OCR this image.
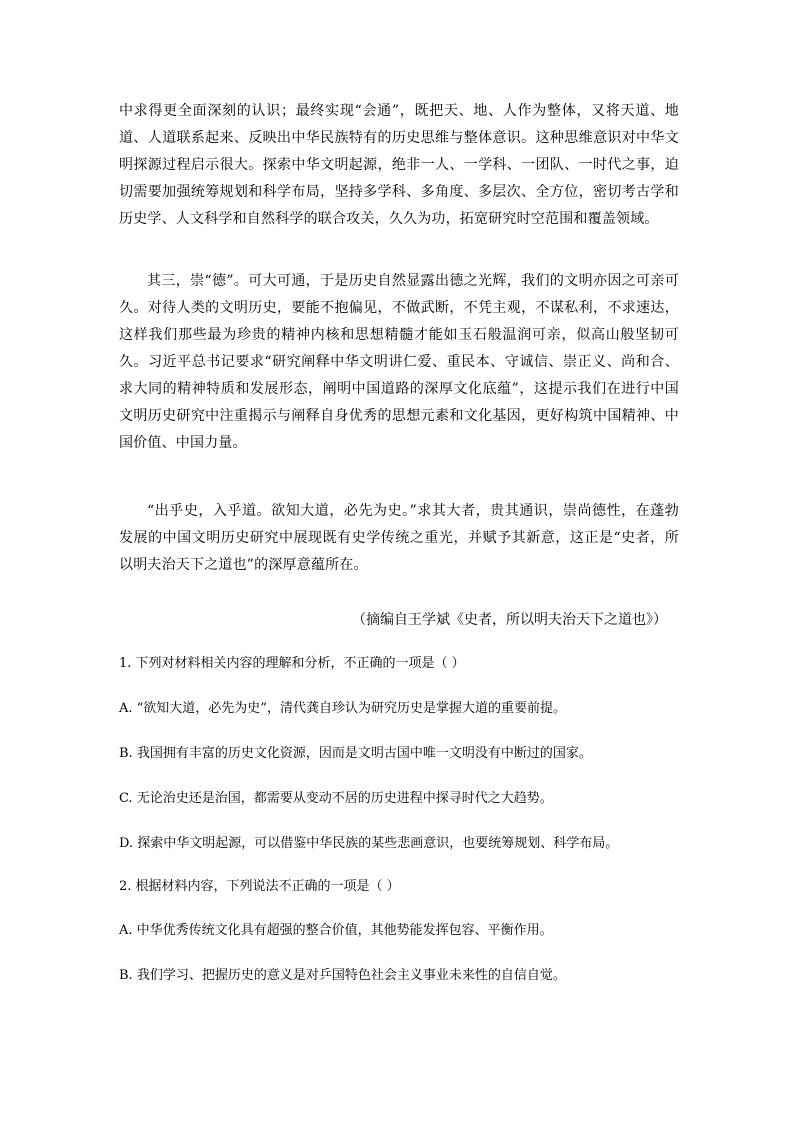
中求得更全面深刻的认识；最终实现“会通”，既把天、地、人作为整体，又将天道、地道、人道联系起来、反映出中华民族特有的历史思维与整体意识。这种思维意识对中华文明探源过程启示很大。探索中华文明起源，绝非一人、一学科、一团队、一时代之事，迫切需要加强统筹规划和科学布局，坚持多学科、多角度、多层次、全方位，密切考古学和历史学、人文科学和自然科学的联合攻关，久久为功，拓宽研究时空范围和覆盖领域。

其三，崇“德”。可大可通，于是历史自然显露出德之光辉，我们的文明亦因之可亲可久。对待人类的文明历史，要能不抱偏见，不做武断，不凭主观，不谋私利，不求速达，这样我们那些最为珍贵的精神内核和思想精髓才能如玉石般温润可亲，似高山般坚韧可久。习近平总书记要求“研究阐释中华文明讲仁爱、重民本、守诚信、崇正义、尚和合、求大同的精神特质和发展形态，阐明中国道路的深厚文化底蕴”，这提示我们在进行中国文明历史研究中注重揭示与阐释自身优秀的思想元素和文化基因，更好构筑中国精神、中国价值、中国力量。

“出乎史，入乎道。欲知大道，必先为史。”求其大者，贵其通识，崇尚德性，在蓬勃发展的中国文明历史研究中展现既有史学传统之重光，并赋予其新意，这正是“史者，所以明夫治天下之道也”的深厚意蕴所在。

（摘编自王学斌《史者，所以明夫治天下之道也》）

1. 下列对材料相关内容的理解和分析，不正确的一项是（ ）

A. “欲知大道，必先为史”，清代龚自珍认为研究历史是掌握大道的重要前提。

B. 我国拥有丰富的历史文化资源，因而是文明古国中唯一文明没有中断过的国家。

C. 无论治史还是治国，都需要从变动不居的历史进程中探寻时代之大趋势。

D. 探索中华文明起源，可以借鉴中华民族的某些悲画意识，也要统筹规划、科学布局。

2. 根据材料内容，下列说法不正确的一项是（ ）

A. 中华优秀传统文化具有超强的整合价值，其他势能发挥包容、平衡作用。

B. 我们学习、把握历史的意义是对乒国特色社会主义事业未来性的自信自觉。
